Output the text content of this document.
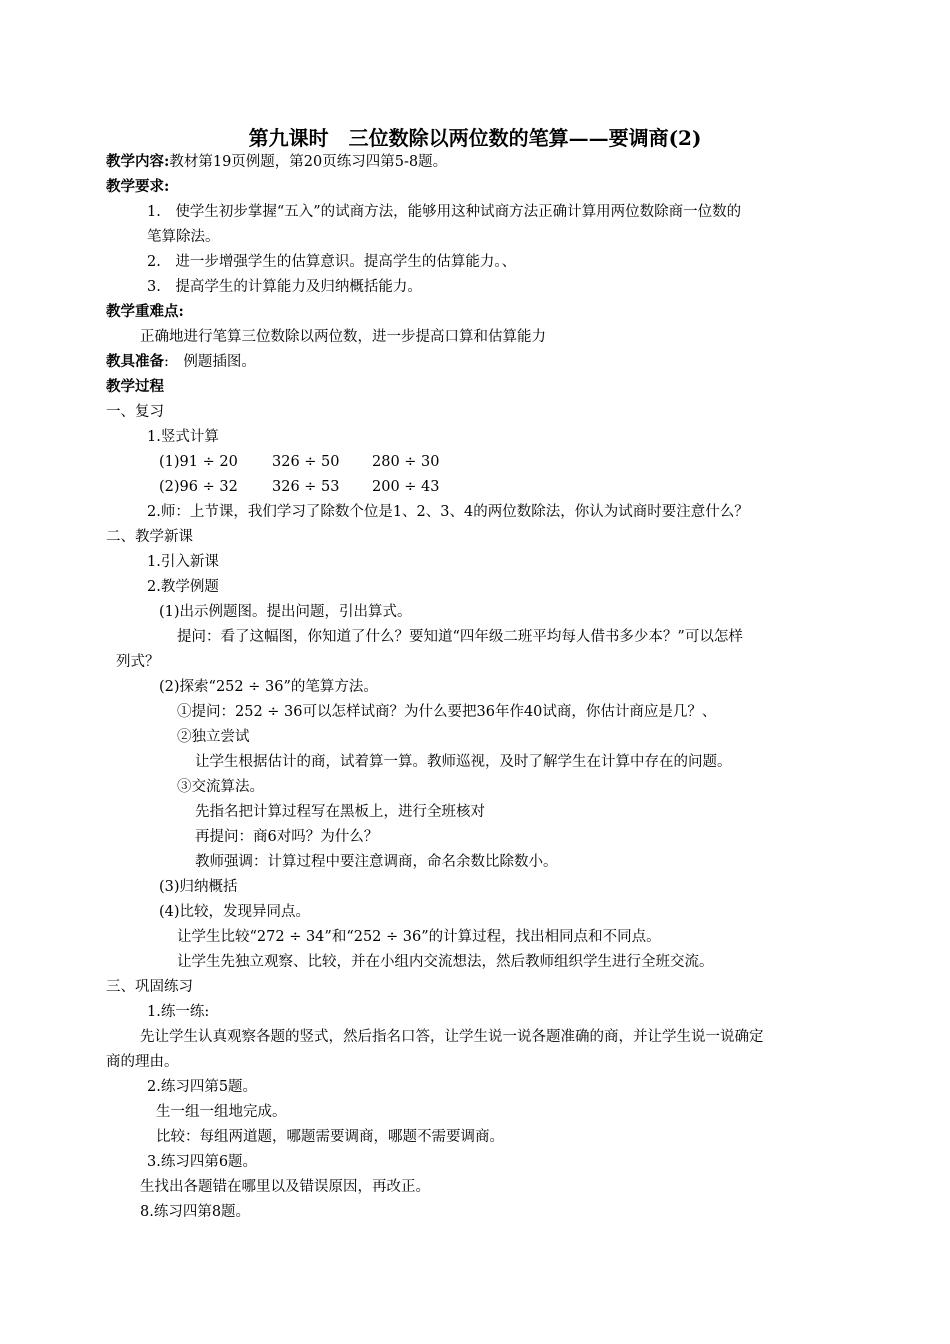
第九课时　三位数除以两位数的笔算——要调商(2)
教学内容:教材第19页例题，第20页练习四第5-8题。
教学要求:
1.　使学生初步掌握“五入”的试商方法，能够用这种试商方法正确计算用两位数除商一位数的
笔算除法。
2.　进一步增强学生的估算意识。提高学生的估算能力。、
3.　提高学生的计算能力及归纳概括能力。
教学重难点:
正确地进行笔算三位数除以两位数，进一步提高口算和估算能力
教具准备:　例题插图。
教学过程
一、复习
1.竖式计算
(1)91 ÷ 20 326 ÷ 50 280 ÷ 30
(2)96 ÷ 32 326 ÷ 53 200 ÷ 43
2.师：上节课，我们学习了除数个位是1、2、3、4的两位数除法，你认为试商时要注意什么？
二、教学新课
1.引入新课
2.教学例题
(1)出示例题图。提出问题，引出算式。
提问：看了这幅图，你知道了什么？要知道“四年级二班平均每人借书多少本？”可以怎样
列式？
(2)探索“252 ÷ 36”的笔算方法。
①提问：252 ÷ 36可以怎样试商？为什么要把36年作40试商，你估计商应是几？、
②独立尝试
让学生根据估计的商，试着算一算。教师巡视，及时了解学生在计算中存在的问题。
③交流算法。
先指名把计算过程写在黑板上，进行全班核对
再提问：商6对吗？为什么？
教师强调：计算过程中要注意调商，命名余数比除数小。
(3)归纳概括
(4)比较，发现异同点。
让学生比较“272 ÷ 34”和“252 ÷ 36”的计算过程，找出相同点和不同点。
让学生先独立观察、比较，并在小组内交流想法，然后教师组织学生进行全班交流。
三、巩固练习
1.练一练:
先让学生认真观察各题的竖式，然后指名口答，让学生说一说各题准确的商，并让学生说一说确定
商的理由。
2.练习四第5题。
生一组一组地完成。
比较：每组两道题，哪题需要调商，哪题不需要调商。
3.练习四第6题。
生找出各题错在哪里以及错误原因，再改正。
8.练习四第8题。
